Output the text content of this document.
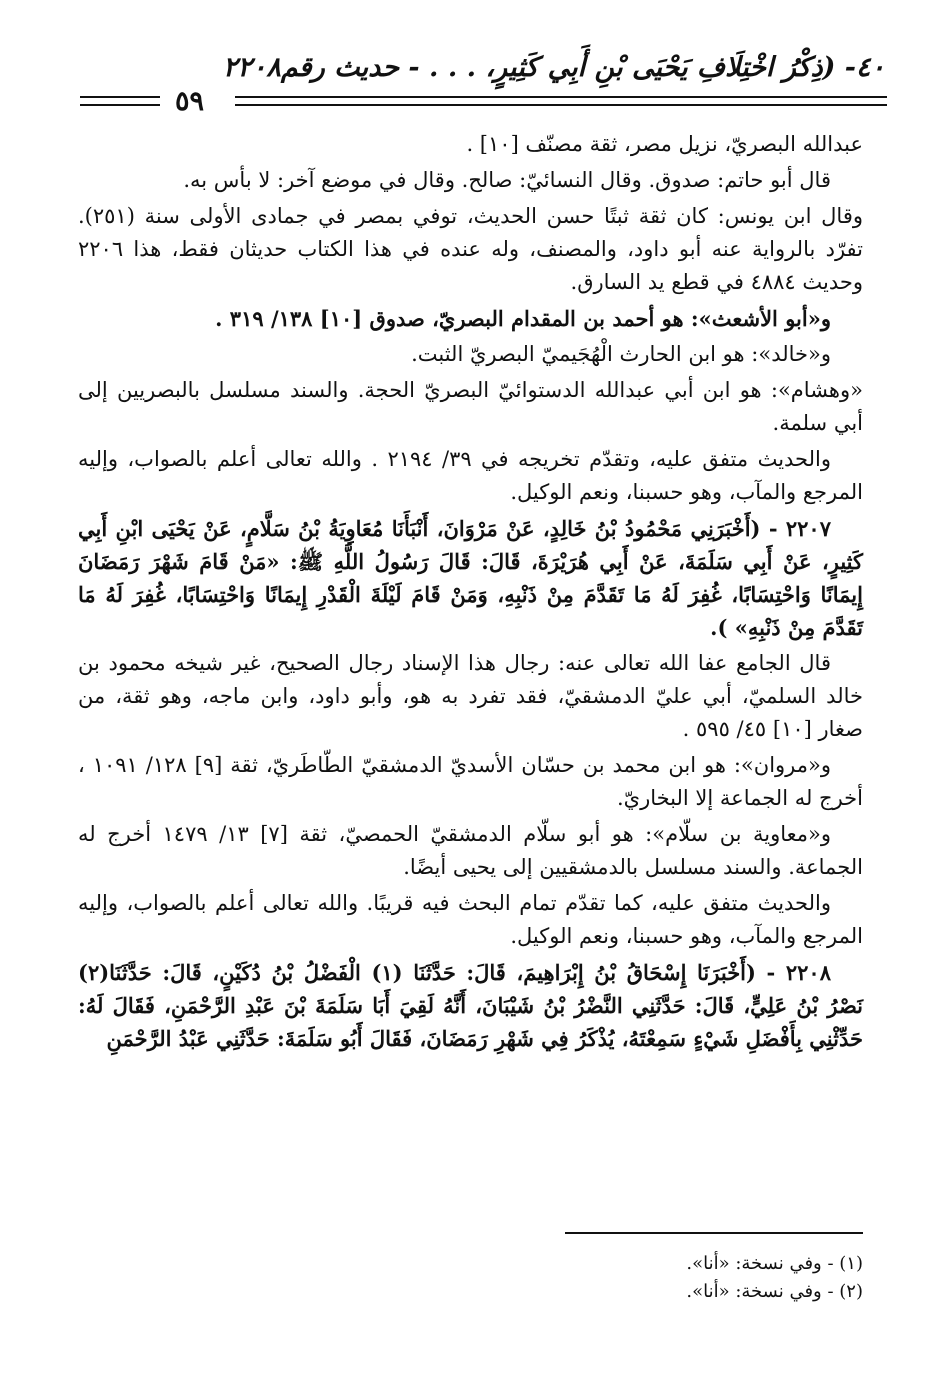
٤٠- (ذِكْرُ اخْتِلَافِ يَحْيَى بْنِ أَبِي كَثِيرٍ، . . . - حديث رقم٢٢٠٨
٥٩

عبدالله البصريّ، نزيل مصر، ثقة مصنّف [١٠] .

قال أبو حاتم: صدوق. وقال النسائيّ: صالح. وقال في موضع آخر: لا بأس به.

وقال ابن يونس: كان ثقة ثبتًا حسن الحديث، توفي بمصر في جمادى الأولى سنة (٢٥١). تفرّد بالرواية عنه أبو داود، والمصنف، وله عنده في هذا الكتاب حديثان فقط، هذا ٢٢٠٦ وحديث ٤٨٨٤ في قطع يد السارق.

و«أبو الأشعث»: هو أحمد بن المقدام البصريّ، صدوق [١٠] ١٣٨/ ٣١٩ .

و«خالد»: هو ابن الحارث الْهُجَيميّ البصريّ الثبت.

«وهشام»: هو ابن أبي عبدالله الدستوائيّ البصريّ الحجة. والسند مسلسل بالبصريين إلى أبي سلمة.

والحديث متفق عليه، وتقدّم تخريجه في ٣٩/ ٢١٩٤ . والله تعالى أعلم بالصواب، وإليه المرجع والمآب، وهو حسبنا، ونعم الوكيل.

٢٢٠٧ - (أَخْبَرَنِي مَحْمُودُ بْنُ خَالِدٍ، عَنْ مَرْوَانَ، أَنْبَأَنَا مُعَاوِيَةُ بْنُ سَلَّامٍ، عَنْ يَحْيَى ابْنِ أَبِي كَثِيرٍ، عَنْ أَبِي سَلَمَةَ، عَنْ أَبِي هُرَيْرَةَ، قَالَ: قَالَ رَسُولُ اللَّهِ ﷺ: «مَنْ قَامَ شَهْرَ رَمَضَانَ إِيمَانًا وَاحْتِسَابًا، غُفِرَ لَهُ مَا تَقَدَّمَ مِنْ ذَنْبِهِ، وَمَنْ قَامَ لَيْلَةَ الْقَدْرِ إِيمَانًا وَاحْتِسَابًا، غُفِرَ لَهُ مَا تَقَدَّمَ مِنْ ذَنْبِهِ» ).

قال الجامع عفا الله تعالى عنه: رجال هذا الإسناد رجال الصحيح، غير شيخه محمود بن خالد السلميّ، أبي عليّ الدمشقيّ، فقد تفرد به هو، وأبو داود، وابن ماجه، وهو ثقة، من صغار [١٠] ٤٥/ ٥٩٥ .

و«مروان»: هو ابن محمد بن حسّان الأسديّ الدمشقيّ الطّاطَريّ، ثقة [٩] ١٢٨/ ١٠٩١ ، أخرج له الجماعة إلا البخاريّ.

و«معاوية بن سلّام»: هو أبو سلّام الدمشقيّ الحمصيّ، ثقة [٧] ١٣/ ١٤٧٩ أخرج له الجماعة. والسند مسلسل بالدمشقيين إلى يحيى أيضًا.

والحديث متفق عليه، كما تقدّم تمام البحث فيه قريبًا. والله تعالى أعلم بالصواب، وإليه المرجع والمآب، وهو حسبنا، ونعم الوكيل.

٢٢٠٨ - (أَخْبَرَنَا إِسْحَاقُ بْنُ إِبْرَاهِيمَ، قَالَ: حَدَّثَنَا (١) الْفَضْلُ بْنُ دُكَيْنٍ، قَالَ: حَدَّثَنَا(٢) نَصْرُ بْنُ عَلِيٍّ، قَالَ: حَدَّثَنِي النَّضْرُ بْنُ شَيْبَانَ، أَنَّهُ لَقِيَ أَبَا سَلَمَةَ بْنَ عَبْدِ الرَّحْمَنِ، فَقَالَ لَهُ: حَدِّثْنِي بِأَفْضَلِ شَيْءٍ سَمِعْتَهُ، يُذْكَرُ فِي شَهْرِ رَمَضَانَ، فَقَالَ أَبُو سَلَمَةَ: حَدَّثَنِي عَبْدُ الرَّحْمَنِ

(١) - وفي نسخة: «أنا».

(٢) - وفي نسخة: «أنا».
